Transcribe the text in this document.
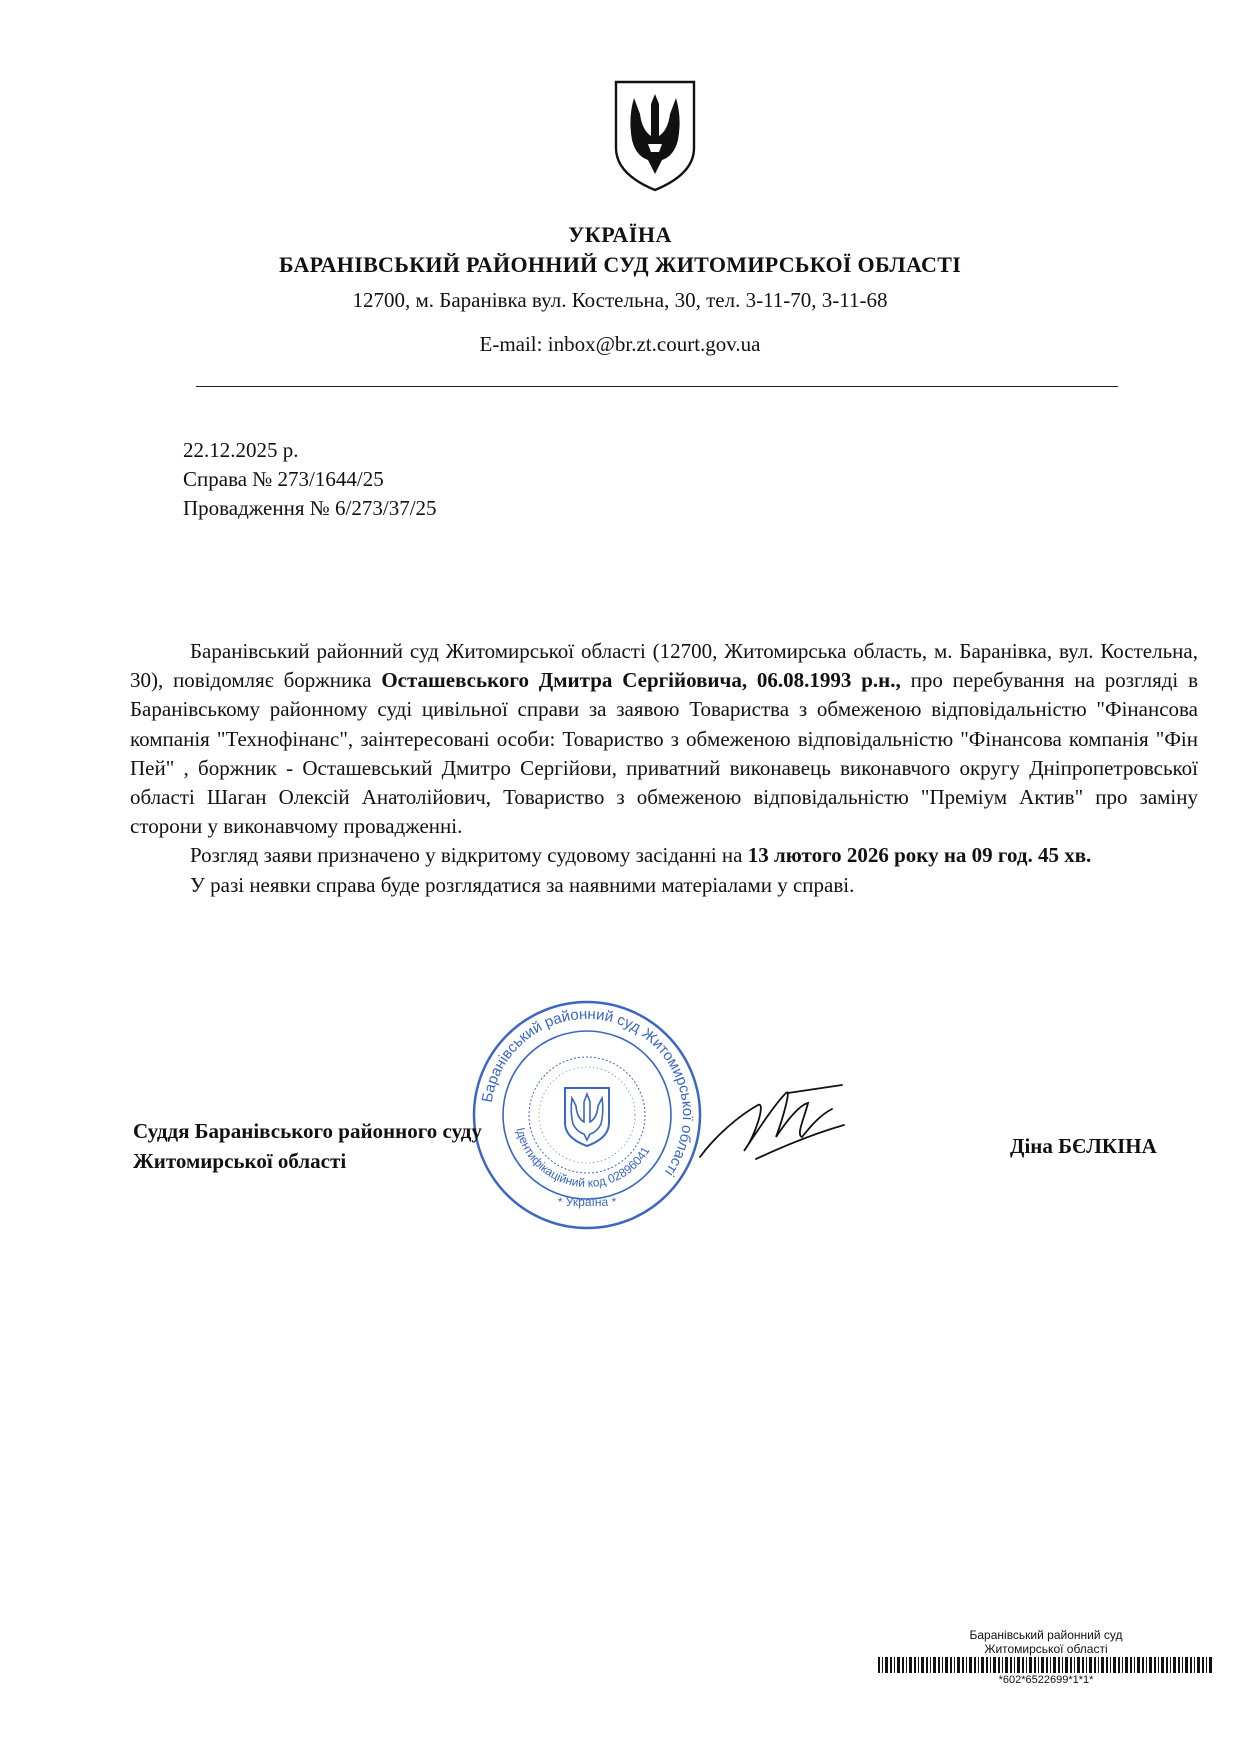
УКРАЇНА
БАРАНІВСЬКИЙ РАЙОННИЙ СУД ЖИТОМИРСЬКОЇ ОБЛАСТІ
12700, м. Баранівка вул. Костельна, 30, тел. 3-11-70, 3-11-68
E-mail: inbox@br.zt.court.gov.ua
22.12.2025 р.
Справа № 273/1644/25
Провадження № 6/273/37/25

Баранівський районний суд Житомирської області (12700, Житомирська область, м. Баранівка, вул. Костельна, 30), повідомляє боржника Осташевського Дмитра Сергійовича, 06.08.1993 р.н., про перебування на розгляді в Баранівському районному суді цивільної справи за заявою Товариства з обмеженою відповідальністю "Фінансова компанія "Технофінанс", заінтересовані особи: Товариство з обмеженою відповідальністю "Фінансова компанія "Фін Пей" , боржник - Осташевський Дмитро Сергійови, приватний виконавець виконавчого округу Дніпропетровської області Шаган Олексій Анатолійович, Товариство з обмеженою відповідальністю "Преміум Актив" про заміну сторони у виконавчому провадженні.

Розгляд заяви призначено у відкритому судовому засіданні на 13 лютого 2026 року на 09 год. 45 хв.

У разі неявки справа буде розглядатися за наявними матеріалами у справі.

Баранівський районний суд Житомирської області
Ідентифікаційний код 02896041
* Україна *
Суддя Баранівського районного суду
Житомирської області
Діна БЄЛКІНА
Баранівський районний суд
Житомирської області
*602*6522699*1*1*
